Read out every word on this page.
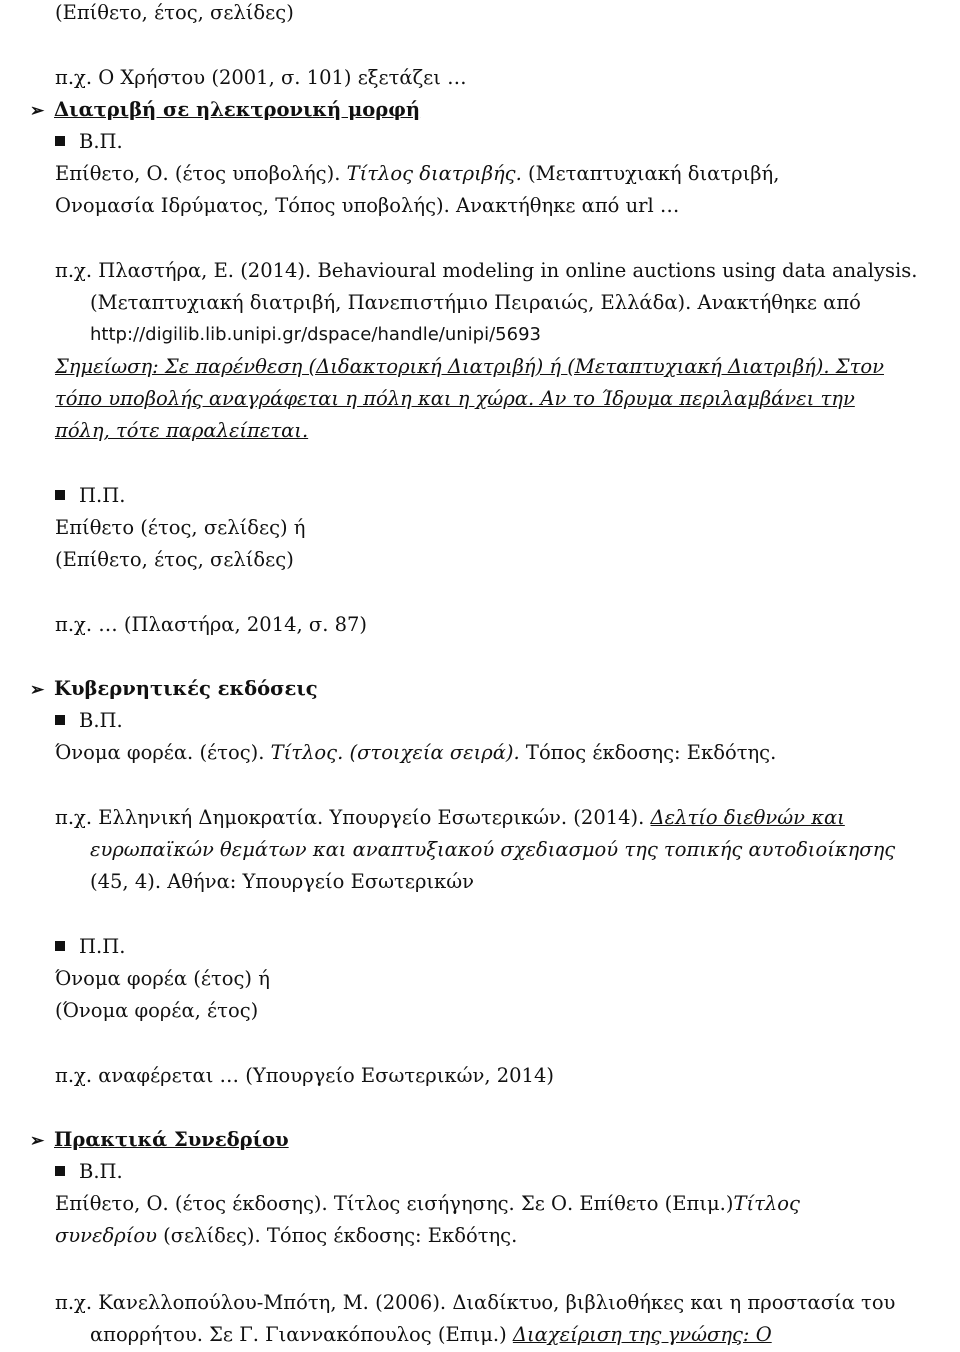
(Επίθετο, έτος, σελίδες)

π.χ. Ο Χρήστου (2001, σ. 101) εξετάζει …

➢ Διατριβή σε ηλεκτρονική μορφή

Β.Π.

Επίθετο, Ο. (έτος υποβολής). Τίτλος διατριβής. (Μεταπτυχιακή διατριβή,

Ονομασία Ιδρύματος, Τόπος υποβολής). Ανακτήθηκε από url …

π.χ. Πλαστήρα, Ε. (2014). Behavioural modeling in online auctions using data analysis.

(Μεταπτυχιακή διατριβή, Πανεπιστήμιο Πειραιώς, Ελλάδα). Ανακτήθηκε από

http://digilib.lib.unipi.gr/dspace/handle/unipi/5693

Σημείωση: Σε παρένθεση (Διδακτορική Διατριβή) ή (Μεταπτυχιακή Διατριβή). Στον

τόπο υποβολής αναγράφεται η πόλη και η χώρα. Αν το Ίδρυμα περιλαμβάνει την

πόλη, τότε παραλείπεται.

Π.Π.

Επίθετο (έτος, σελίδες) ή

(Επίθετο, έτος, σελίδες)

π.χ. … (Πλαστήρα, 2014, σ. 87)

➢ Κυβερνητικές εκδόσεις

Β.Π.

Όνομα φορέα. (έτος). Τίτλος. (στοιχεία σειρά). Τόπος έκδοσης: Εκδότης.

π.χ. Ελληνική Δημοκρατία. Υπουργείο Εσωτερικών. (2014). Δελτίο διεθνών και

ευρωπαϊκών θεμάτων και αναπτυξιακού σχεδιασμού της τοπικής αυτοδιοίκησης

(45, 4). Αθήνα: Υπουργείο Εσωτερικών

Π.Π.

Όνομα φορέα (έτος) ή

(Όνομα φορέα, έτος)

π.χ. αναφέρεται … (Υπουργείο Εσωτερικών, 2014)

➢ Πρακτικά Συνεδρίου

Β.Π.

Επίθετο, Ο. (έτος έκδοσης). Τίτλος εισήγησης. Σε Ο. Επίθετο (Επιμ.)Τίτλος

συνεδρίου (σελίδες). Τόπος έκδοσης: Εκδότης.

π.χ. Κανελλοπούλου-Μπότη, Μ. (2006). Διαδίκτυο, βιβλιοθήκες και η προστασία του

απορρήτου. Σε Γ. Γιαννακόπουλος (Επιμ.) Διαχείριση της γνώσης: Ο
